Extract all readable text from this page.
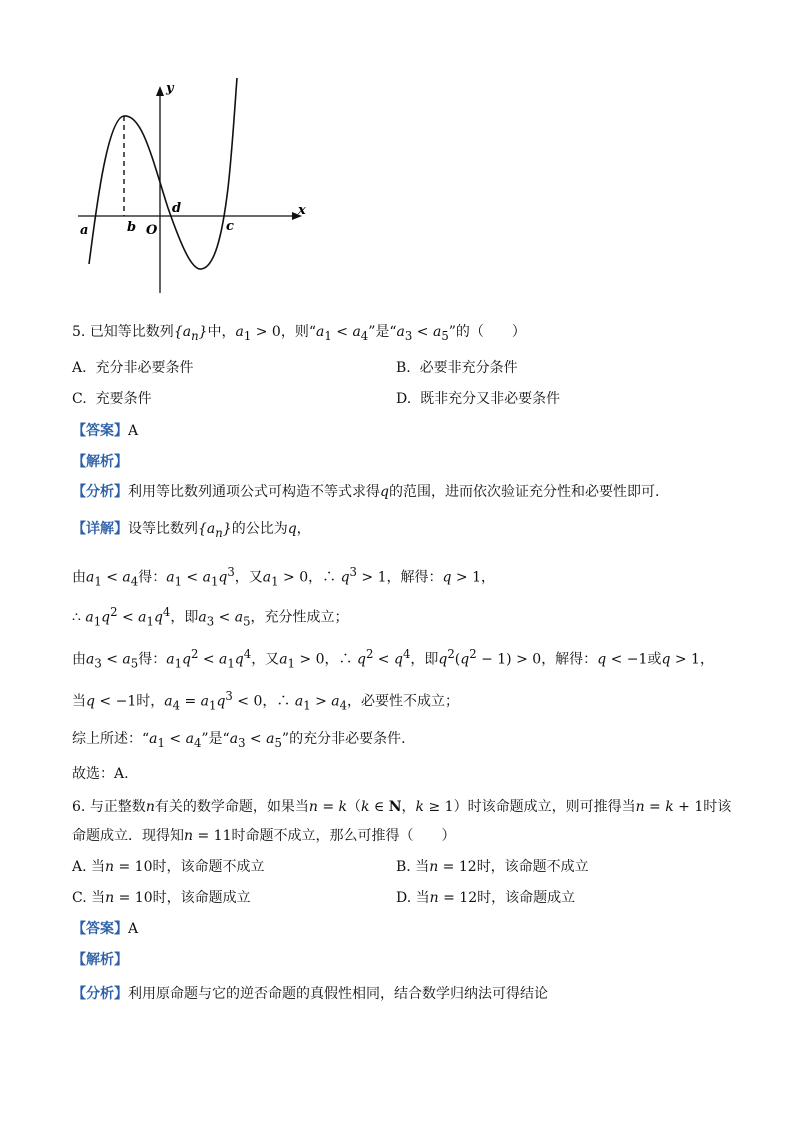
y
x
a	b O
d
c
5. 已知等比数列$\{a_n\}$中，$a_1 > 0$，则“$a_1 < a_4$”是“$a_3 < a_5$”的（　　）
A. 充分非必要条件	B. 必要非充分条件
C. 充要条件	D. 既非充分又非必要条件
【答案】A
【解析】
【分析】利用等比数列通项公式可构造不等式求得q的范围，进而依次验证充分性和必要性即可.
【详解】设等比数列$\{a_n\}$的公比为q，
由$a_1 < a_4$得：$a_1 < a_1q^3$，又$a_1 > 0$，∴ $q^3 > 1$，解得：q > 1，
∴ $a_1q^2 < a_1q^4$，即$a_3 < a_5$，充分性成立；
由$a_3 < a_5$得：$a_1q^2 < a_1q^4$，又$a_1 > 0$，∴ $q^2 < q^4$，即$q^2(q^2 - 1) > 0$，解得：q < −1或q > 1，
当q < −1时，$a_4 = a_1q^3 < 0$，∴ $a_1 > a_4$，必要性不成立；
综上所述：“$a_1 < a_4$”是“$a_3 < a_5$”的充分非必要条件.
故选：A.
6. 与正整数n有关的数学命题，如果当n = k（k ∈ N，k ≥ 1）时该命题成立，则可推得当n = k + 1时该
命题成立．现得知n = 11时命题不成立，那么可推得（　　）
A. 当n = 10时，该命题不成立	B. 当n = 12时，该命题不成立
C. 当n = 10时，该命题成立	D. 当n = 12时，该命题成立
【答案】A
【解析】
【分析】利用原命题与它的逆否命题的真假性相同，结合数学归纳法可得结论
